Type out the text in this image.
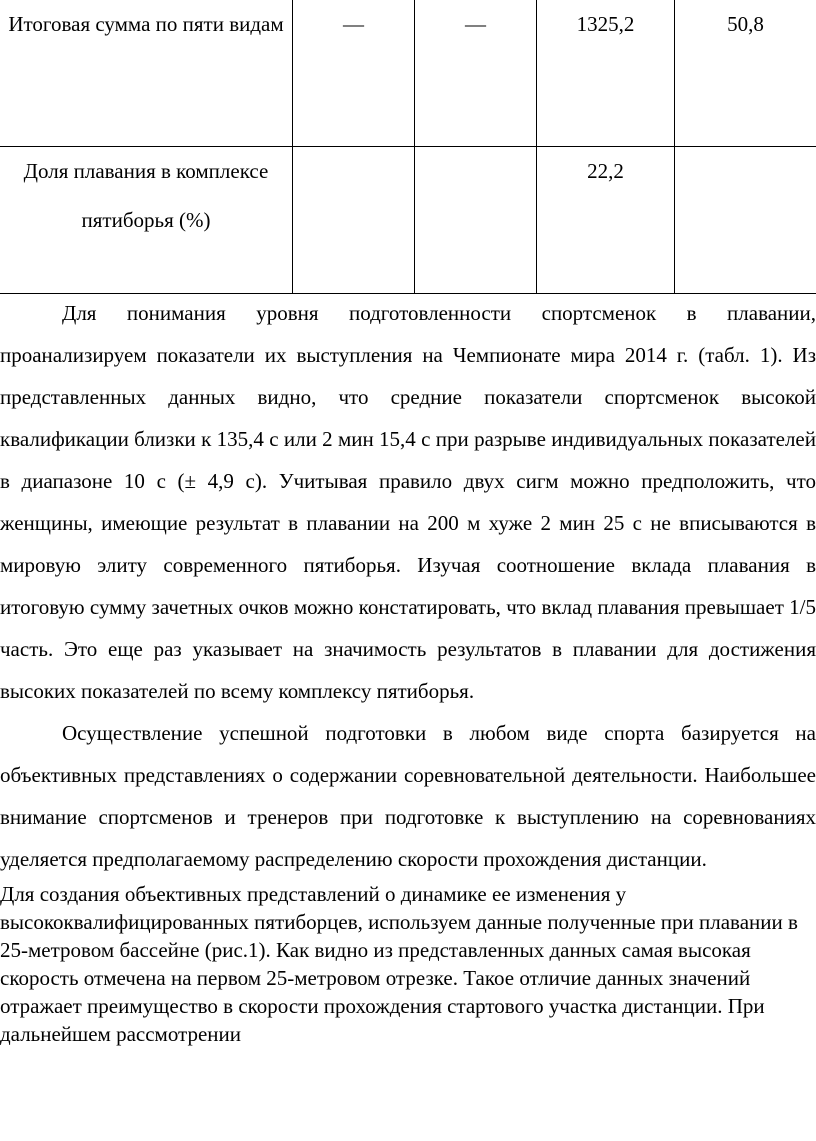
Итоговая сумма по пяти видам	—	—	1325,2	50,8
Доля плавания в комплексе пятиборья (%)			22,2	

Для понимания уровня подготовленности спортсменок в плавании, проанализируем показатели их выступления на Чемпионате мира 2014 г. (табл. 1). Из представленных данных видно, что средние показатели спортсменок высокой квалификации близки к 135,4 с или 2 мин 15,4 с при разрыве индивидуальных показателей в диапазоне 10 с (± 4,9 с). Учитывая правило двух сигм можно предположить, что женщины, имеющие результат в плавании на 200 м хуже 2 мин 25 с не вписываются в мировую элиту современного пятиборья. Изучая соотношение вклада плавания в итоговую сумму зачетных очков можно констатировать, что вклад плавания превышает 1/5 часть. Это еще раз указывает на значимость результатов в плавании для достижения высоких показателей по всему комплексу пятиборья.

Осуществление успешной подготовки в любом виде спорта базируется на объективных представлениях о содержании соревновательной деятельности. Наибольшее внимание спортсменов и тренеров при подготовке к выступлению на соревнованиях уделяется предполагаемому распределению скорости прохождения дистанции.

Для создания объективных представлений о динамике ее изменения у высококвалифицированных пятиборцев, используем данные полученные при плавании в 25-метровом бассейне (рис.1). Как видно из представленных данных самая высокая скорость отмечена на первом 25-метровом отрезке. Такое отличие данных значений отражает преимущество в скорости прохождения стартового участка дистанции. При дальнейшем рассмотрении
